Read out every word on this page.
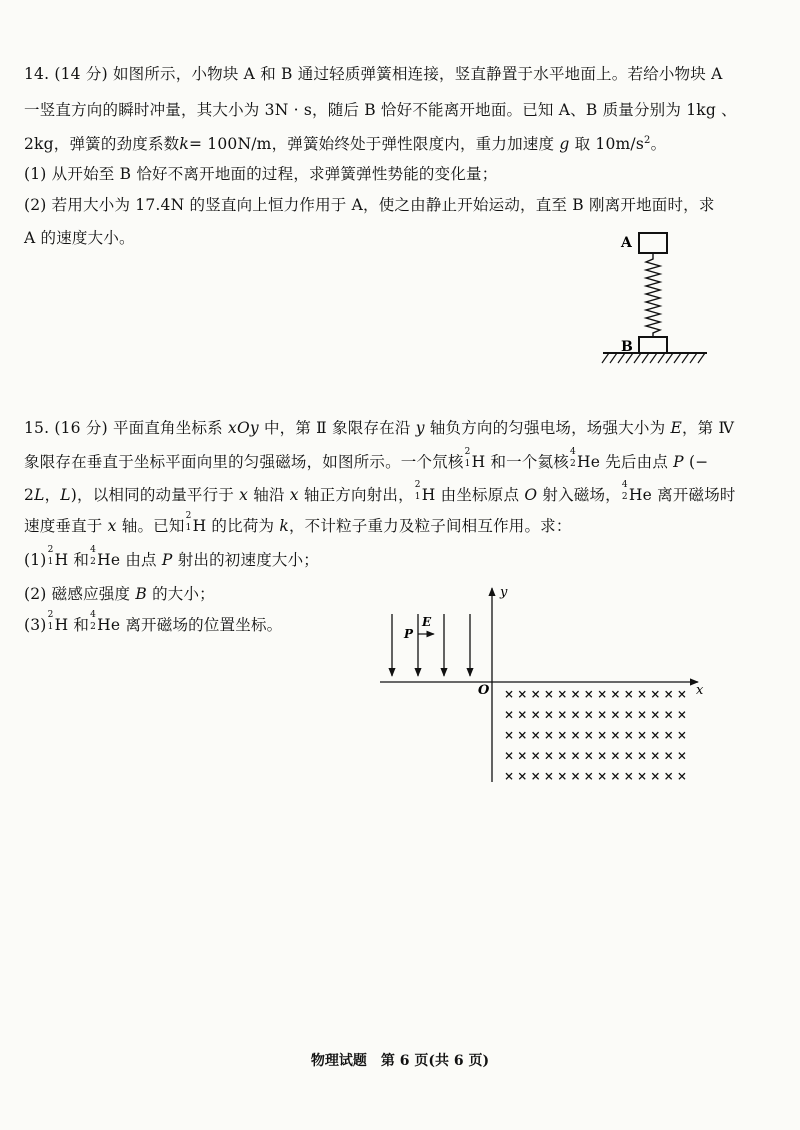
14. (14 分) 如图所示，小物块 A 和 B 通过轻质弹簧相连接，竖直静置于水平地面上。若给小物块 A
一竖直方向的瞬时冲量，其大小为 3N · s，随后 B 恰好不能离开地面。已知 A、B 质量分别为 1kg 、
2kg，弹簧的劲度系数k= 100N/m，弹簧始终处于弹性限度内，重力加速度 g 取 $10m/s^2$。
(1) 从开始至 B 恰好不离开地面的过程，求弹簧弹性势能的变化量；
(2) 若用大小为 17.4N 的竖直向上恒力作用于 A，使之由静止开始运动，直至 B 刚离开地面时，求
A 的速度大小。	A
B
15. (16 分) 平面直角坐标系 xOy 中，第 Ⅱ 象限存在沿 y 轴负方向的匀强电场，场强大小为 E，第 Ⅳ
象限存在垂直于坐标平面向里的匀强磁场，如图所示。一个氘核
2
1 H 和一个氦核
4
2 He 先后由点 P (−
2L，L)，以相同的动量平行于 x 轴沿 x 轴正方向射出，
2
1 H 由坐标原点 O 射入磁场，
4
2 He 离开磁场时
速度垂直于 x 轴。已知
2
1 H 的比荷为 k，不计粒子重力及粒子间相互作用。求：
(1)
2
1 H 和
4
2 He 由点 P 射出的初速度大小；
(2) 磁感应强度 B 的大小；
(3)
2
1 H 和
4
2 He 离开磁场的位置坐标。
y
x
O
E
P
× × × × × × × × × × × × × ×
× × × × × × × × × × × × × ×
× × × × × × × × × × × × × ×
× × × × × × × × × × × × × ×
× × × × × × × × × × × × × ×
物理试题　第 6 页(共 6 页)
